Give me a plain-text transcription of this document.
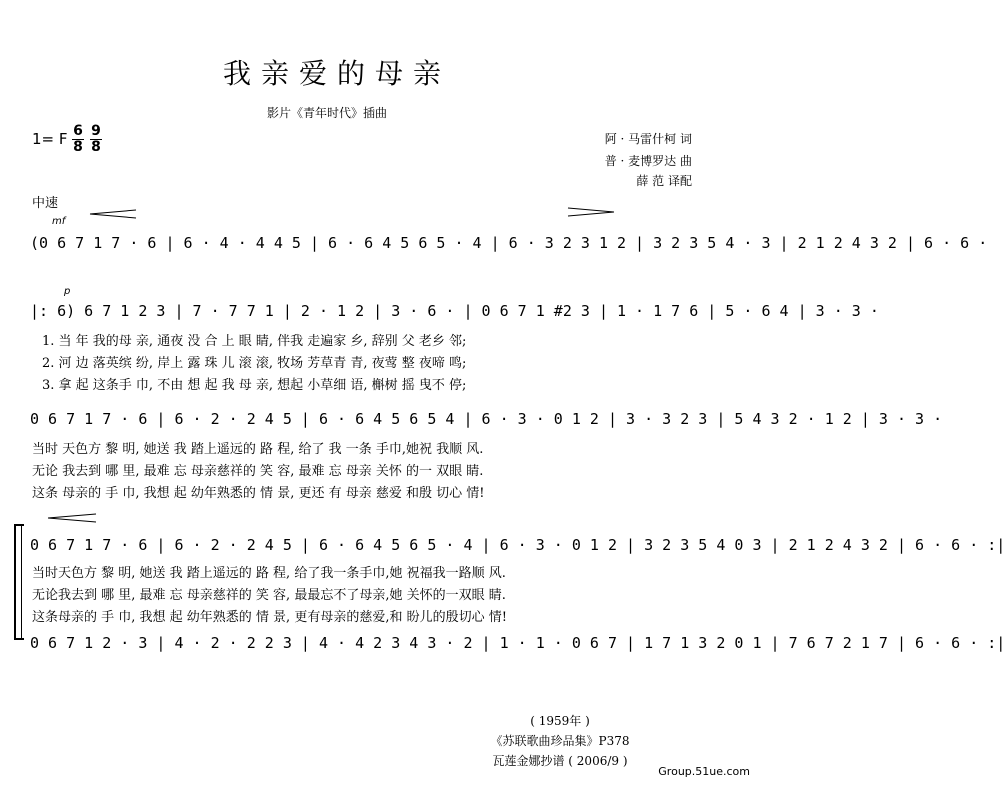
我亲爱的母亲
影片《青年时代》插曲
1= F $\frac{6}{8} \frac{9}{8}$	阿 · 马雷什柯 词
普 · 麦博罗达 曲
薛 范 译配
中速
mf
(0 6 7 1 7 · 6 | 6 · 4 · 4 4 5 | 6 · 6 4 5 6 5 · 4 | 6 · 3 2 3 1 2 | 3 2 3 5 4 · 3 | 2 1 2 4 3 2 | 6 · 6 ·
p
|: 6) 6 7 1 2 3 | 7 · 7 7 1 | 2 · 1 2 | 3 · 6 · | 0 6 7 1 #2 3 | 1 · 1 7 6 | 5 · 6 4 | 3 · 3 ·
1. 当 年 我的母 亲, 通夜 没 合 上 眼 睛, 伴我 走遍家 乡, 辞别 父 老乡 邻;
2. 河 边 落英缤 纷, 岸上 露 珠 儿 滚 滚, 牧场 芳草青 青, 夜莺 整 夜啼 鸣;
3. 拿 起 这条手 巾, 不由 想 起 我 母 亲, 想起 小草细 语, 槲树 摇 曳不 停;
0 6 7 1 7 · 6 | 6 · 2 · 2 4 5 | 6 · 6 4 5 6 5 4 | 6 · 3 · 0 1 2 | 3 · 3 2 3 | 5 4 3 2 · 1 2 | 3 · 3 ·
当时 天色方 黎 明, 她送 我 踏上遥远的 路 程, 给了 我 一条 手巾,她祝 我顺 风.
无论 我去到 哪 里, 最难 忘 母亲慈祥的 笑 容, 最难 忘 母亲 关怀 的一 双眼 睛.
这条 母亲的 手 巾, 我想 起 幼年熟悉的 情 景, 更还 有 母亲 慈爱 和殷 切心 情!
0 6 7 1 7 · 6 | 6 · 2 · 2 4 5 | 6 · 6 4 5 6 5 · 4 | 6 · 3 · 0 1 2 | 3 2 3 5 4 0 3 | 2 1 2 4 3 2 | 6 · 6 · :|
当时天色方 黎 明, 她送 我 踏上遥远的 路 程, 给了我一条手巾,她 祝福我一路顺 风.
无论我去到 哪 里, 最难 忘 母亲慈祥的 笑 容, 最最忘不了母亲,她 关怀的一双眼 睛.
这条母亲的 手 巾, 我想 起 幼年熟悉的 情 景, 更有母亲的慈爱,和 盼儿的殷切心 情!
0 6 7 1 2 · 3 | 4 · 2 · 2 2 3 | 4 · 4 2 3 4 3 · 2 | 1 · 1 · 0 6 7 | 1 7 1 3 2 0 1 | 7 6 7 2 1 7 | 6 · 6 · :|
( 1959年 )
《苏联歌曲珍品集》P378
瓦莲金娜抄谱 ( 2006/9 )
Group.51ue.com
